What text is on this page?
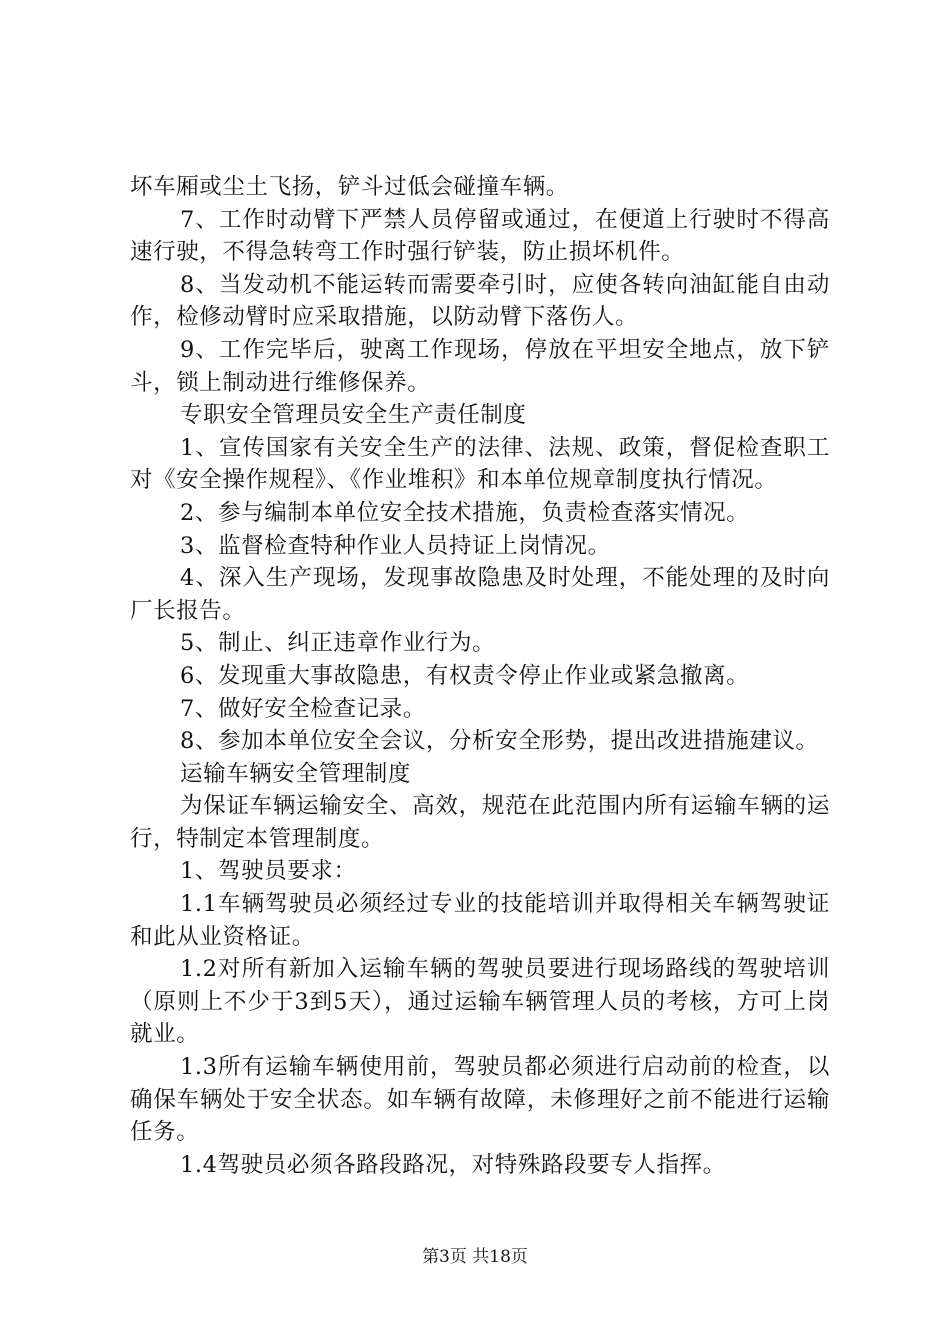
坏车厢或尘土飞扬，铲斗过低会碰撞车辆。

7、工作时动臂下严禁人员停留或通过，在便道上行驶时不得高速行驶，不得急转弯工作时强行铲装，防止损坏机件。

8、当发动机不能运转而需要牵引时，应使各转向油缸能自由动作，检修动臂时应采取措施，以防动臂下落伤人。

9、工作完毕后，驶离工作现场，停放在平坦安全地点，放下铲斗，锁上制动进行维修保养。

专职安全管理员安全生产责任制度

1、宣传国家有关安全生产的法律、法规、政策，督促检查职工对《安全操作规程》、《作业堆积》和本单位规章制度执行情况。

2、参与编制本单位安全技术措施，负责检查落实情况。

3、监督检查特种作业人员持证上岗情况。

4、深入生产现场，发现事故隐患及时处理，不能处理的及时向厂长报告。

5、制止、纠正违章作业行为。

6、发现重大事故隐患，有权责令停止作业或紧急撤离。

7、做好安全检查记录。

8、参加本单位安全会议，分析安全形势，提出改进措施建议。

运输车辆安全管理制度

为保证车辆运输安全、高效，规范在此范围内所有运输车辆的运行，特制定本管理制度。

1、驾驶员要求：

1.1车辆驾驶员必须经过专业的技能培训并取得相关车辆驾驶证和此从业资格证。

1.2对所有新加入运输车辆的驾驶员要进行现场路线的驾驶培训（原则上不少于3到5天），通过运输车辆管理人员的考核，方可上岗就业。

1.3所有运输车辆使用前，驾驶员都必须进行启动前的检查，以确保车辆处于安全状态。如车辆有故障，未修理好之前不能进行运输任务。

1.4驾驶员必须各路段路况，对特殊路段要专人指挥。

第3页 共18页
